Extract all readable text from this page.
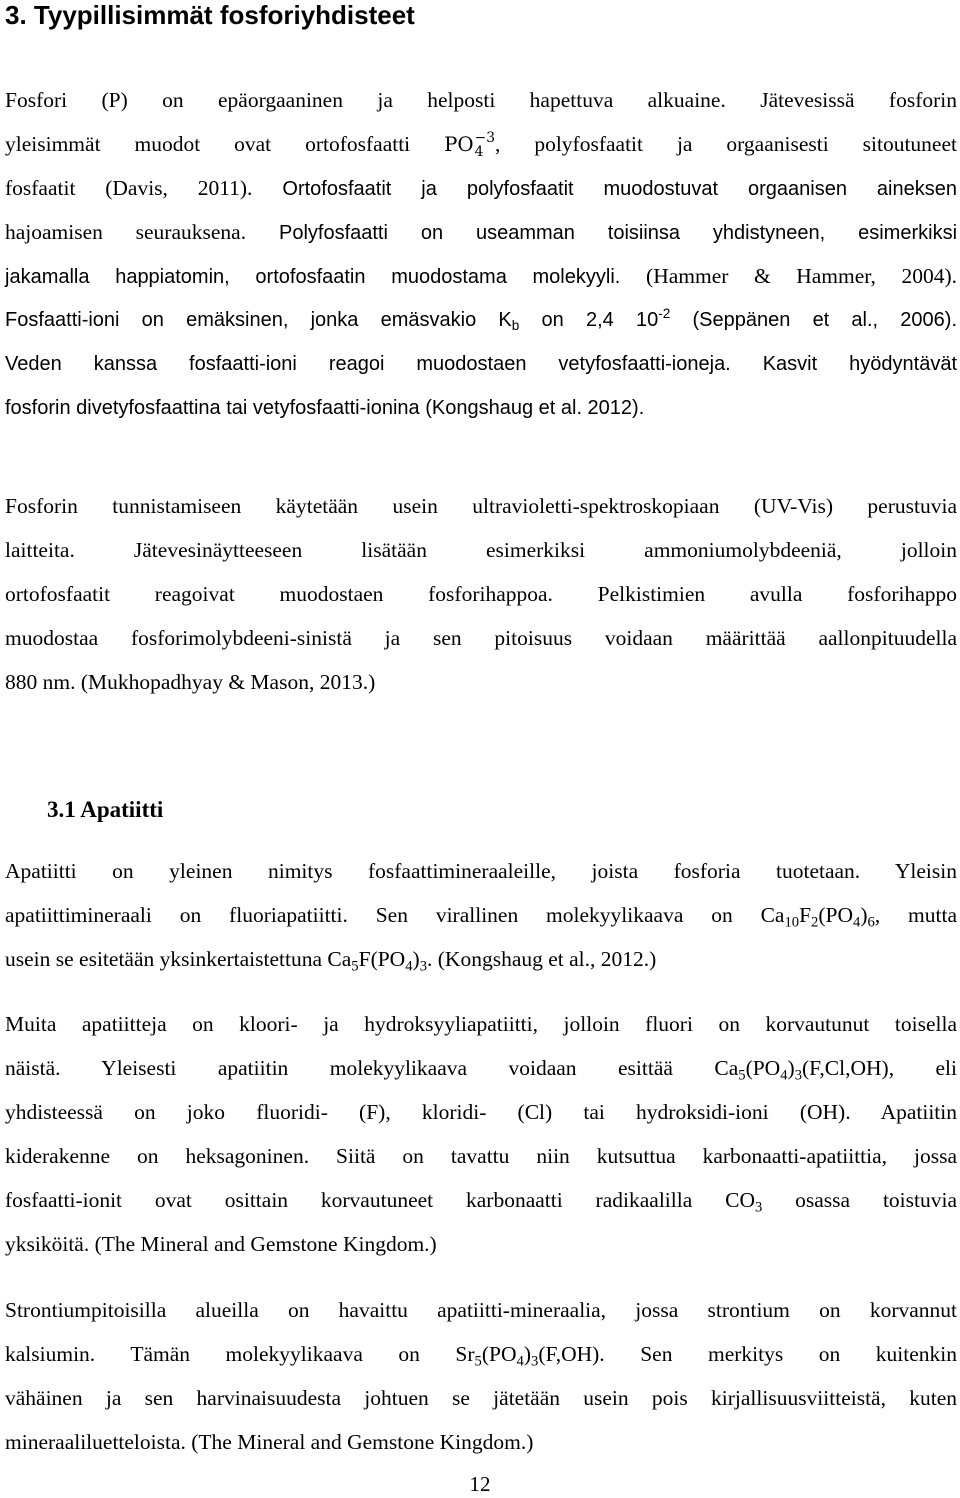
3. Tyypillisimmät fosforiyhdisteet
Fosfori (P) on epäorgaaninen ja helposti hapettuva alkuaine. Jätevesissä fosforin
yleisimmät muodot ovat ortofosfaatti PO −3
4 , polyfosfaatit ja orgaanisesti sitoutuneet
fosfaatit (Davis, 2011). Ortofosfaatit ja polyfosfaatit muodostuvat orgaanisen aineksen
hajoamisen seurauksena. Polyfosfaatti on useamman toisiinsa yhdistyneen, esimerkiksi
jakamalla happiatomin, ortofosfaatin muodostama molekyyli. (Hammer & Hammer, 2004).
Fosfaatti-ioni on emäksinen, jonka emäsvakio $K_b$ on 2,4 $10^{-2}$ (Seppänen et al., 2006).
Veden kanssa fosfaatti-ioni reagoi muodostaen vetyfosfaatti-ioneja. Kasvit hyödyntävät
fosforin divetyfosfaattina tai vetyfosfaatti-ionina (Kongshaug et al. 2012).
Fosforin tunnistamiseen käytetään usein ultravioletti-spektroskopiaan (UV-Vis) perustuvia
laitteita. Jätevesinäytteeseen lisätään esimerkiksi ammoniumolybdeeniä, jolloin
ortofosfaatit reagoivat muodostaen fosforihappoa. Pelkistimien avulla fosforihappo
muodostaa fosforimolybdeeni-sinistä ja sen pitoisuus voidaan määrittää aallonpituudella
880 nm. (Mukhopadhyay & Mason, 2013.)
3.1 Apatiitti
Apatiitti on yleinen nimitys fosfaattimineraaleille, joista fosforia tuotetaan. Yleisin
apatiittimineraali on fluoriapatiitti. Sen virallinen molekyylikaava on $Ca_{10}F_2(PO_4)_6$, mutta
usein se esitetään yksinkertaistettuna $Ca_5F(PO_4)_3$. (Kongshaug et al., 2012.)
Muita apatiitteja on kloori- ja hydroksyyliapatiitti, jolloin fluori on korvautunut toisella
näistä. Yleisesti apatiitin molekyylikaava voidaan esittää $Ca_5(PO_4)_3(F,Cl,OH)$, eli
yhdisteessä on joko fluoridi- (F), kloridi- (Cl) tai hydroksidi-ioni (OH). Apatiitin
kiderakenne on heksagoninen. Siitä on tavattu niin kutsuttua karbonaatti-apatiittia, jossa
fosfaatti-ionit ovat osittain korvautuneet karbonaatti radikaalilla $CO_3$ osassa toistuvia
yksiköitä. (The Mineral and Gemstone Kingdom.)
Strontiumpitoisilla alueilla on havaittu apatiitti-mineraalia, jossa strontium on korvannut
kalsiumin. Tämän molekyylikaava on $Sr_5(PO_4)_3(F,OH)$. Sen merkitys on kuitenkin
vähäinen ja sen harvinaisuudesta johtuen se jätetään usein pois kirjallisuusviitteistä, kuten
mineraaliluetteloista. (The Mineral and Gemstone Kingdom.)
12
